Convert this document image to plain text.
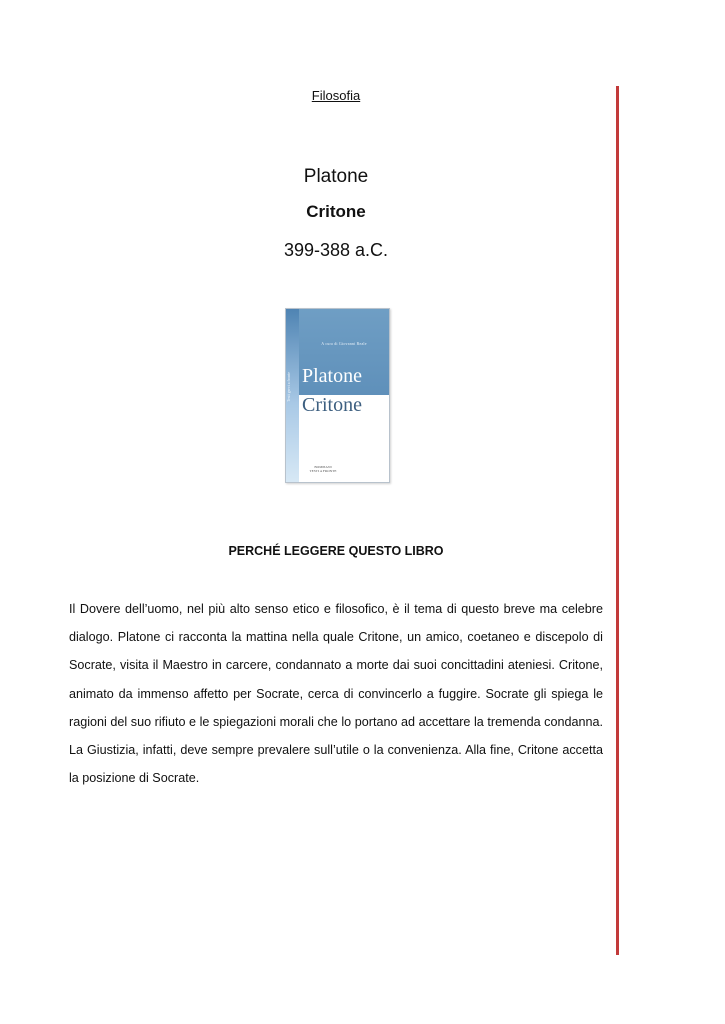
Filosofia
Platone
Critone
399-388 a.C.
Testi greci a fronte
A cura di Giovanni Reale
Platone
Critone
BOMPIANI
TESTI A FRONTE
PERCHÉ LEGGERE QUESTO LIBRO
Il Dovere dell’uomo, nel più alto senso etico e filosofico, è il tema di questo breve ma celebre dialogo. Platone ci racconta la mattina nella quale Critone, un amico, coetaneo e discepolo di Socrate, visita il Maestro in carcere, condannato a morte dai suoi concittadini ateniesi. Critone, animato da immenso affetto per Socrate, cerca di convincerlo a fuggire. Socrate gli spiega le ragioni del suo rifiuto e le spiegazioni morali che lo portano ad accettare la tremenda condanna. La Giustizia, infatti, deve sempre prevalere sull’utile o la convenienza. Alla fine, Critone accetta la posizione di Socrate.
